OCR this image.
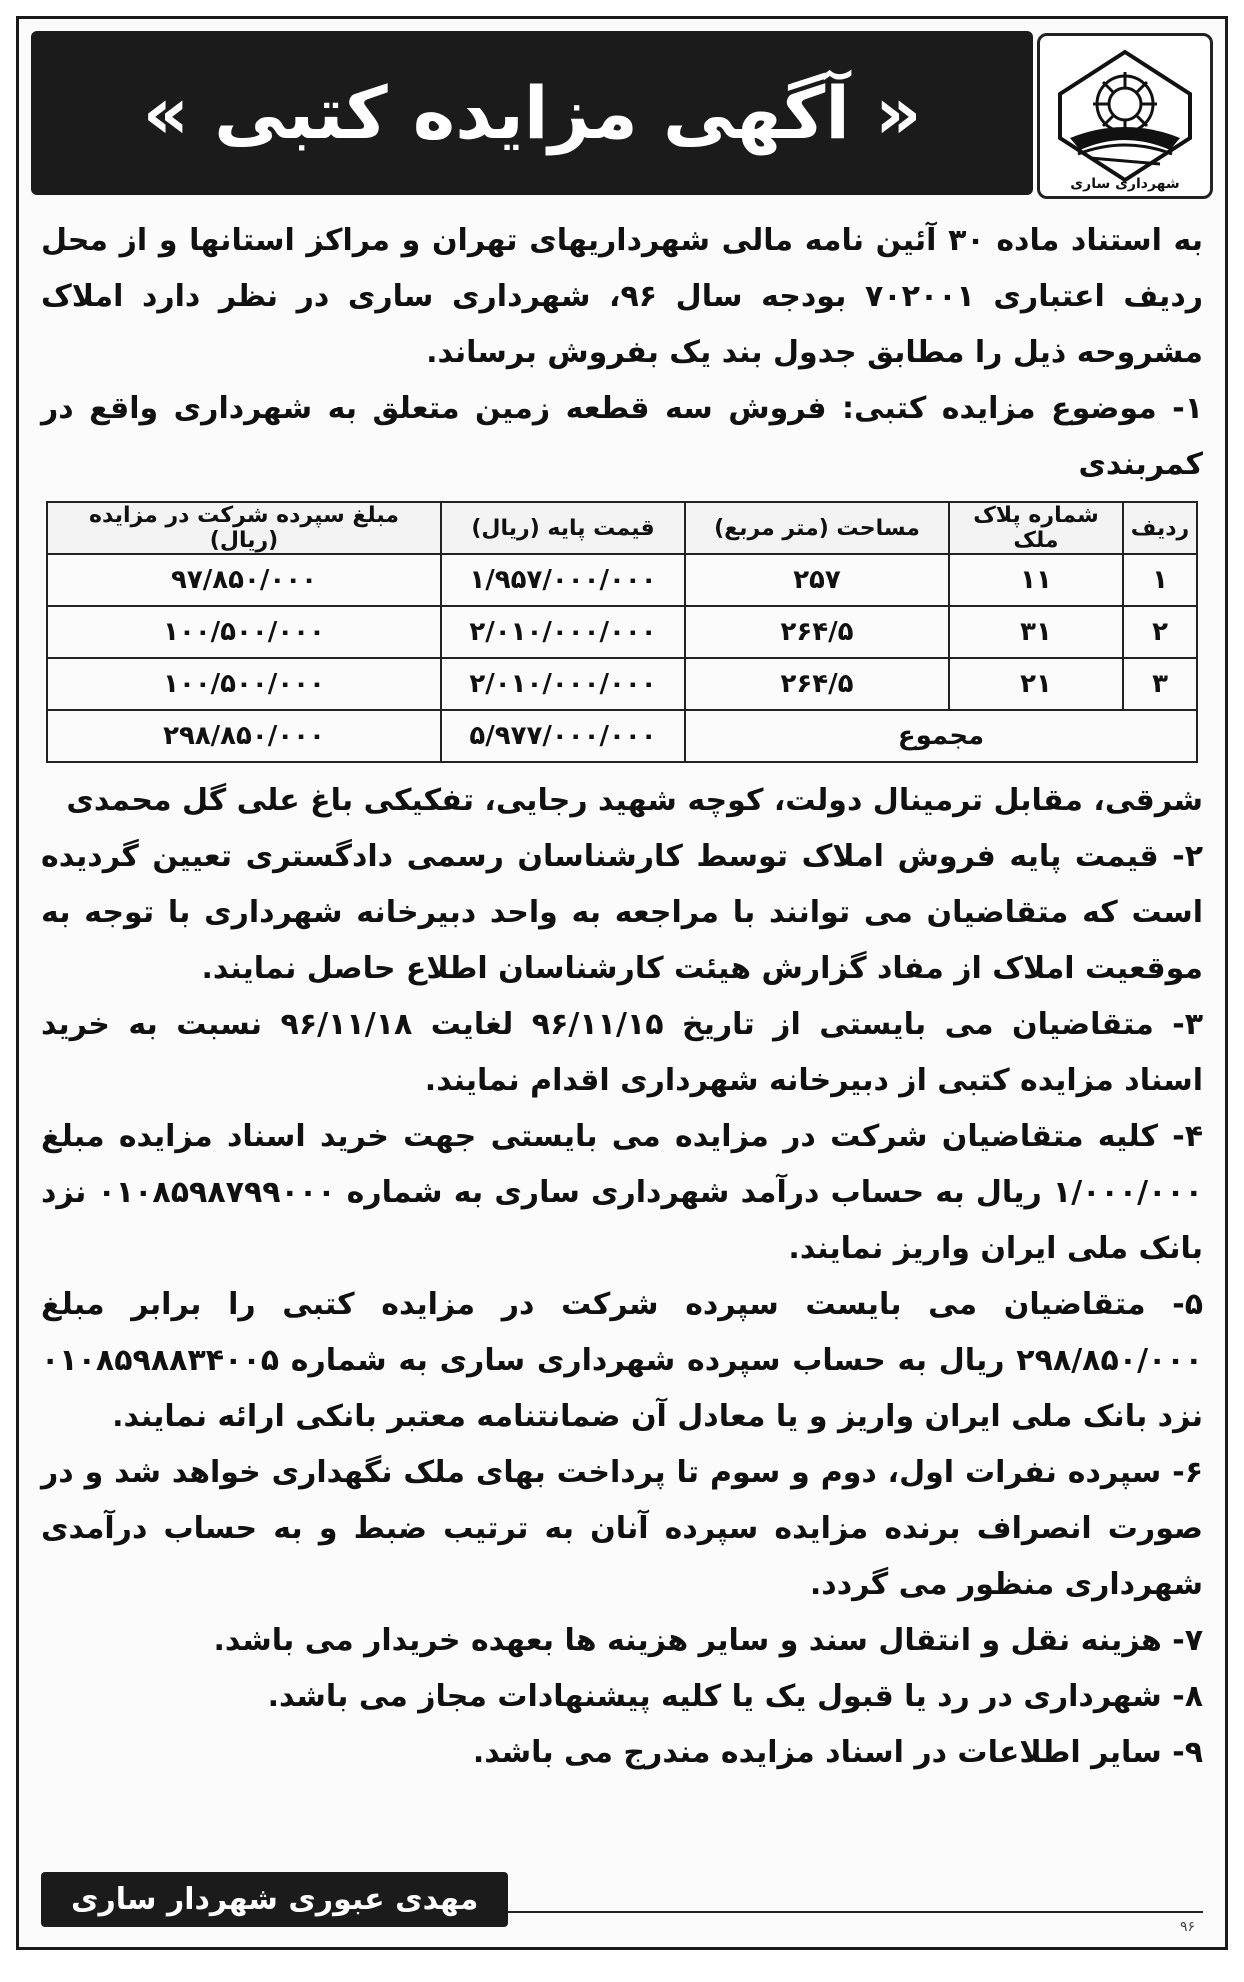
شهرداری ساری
« آگهی مزایده کتبی »

به استناد ماده ۳۰ آئین نامه مالی شهرداریهای تهران و مراکز استانها و از محل ردیف اعتباری ۷۰۲۰۰۱ بودجه سال ۹۶، شهرداری ساری در نظر دارد املاک مشروحه ذیل را مطابق جدول بند یک بفروش برساند.

۱- موضوع مزایده کتبی: فروش سه قطعه زمین متعلق به شهرداری واقع در کمربندی

ردیف	شماره پلاک ملک	مساحت (متر مربع)	قیمت پایه (ریال)	مبلغ سپرده شرکت در مزایده (ریال)
۱	۱۱	۲۵۷	۱/۹۵۷/۰۰۰/۰۰۰	۹۷/۸۵۰/۰۰۰
۲	۳۱	۲۶۴/۵	۲/۰۱۰/۰۰۰/۰۰۰	۱۰۰/۵۰۰/۰۰۰
۳	۲۱	۲۶۴/۵	۲/۰۱۰/۰۰۰/۰۰۰	۱۰۰/۵۰۰/۰۰۰
مجموع			۵/۹۷۷/۰۰۰/۰۰۰	۲۹۸/۸۵۰/۰۰۰

شرقی، مقابل ترمینال دولت، کوچه شهید رجایی، تفکیکی باغ علی گل محمدی

۲- قیمت پایه فروش املاک توسط کارشناسان رسمی دادگستری تعیین گردیده است که متقاضیان می توانند با مراجعه به واحد دبیرخانه شهرداری با توجه به موقعیت املاک از مفاد گزارش هیئت کارشناسان اطلاع حاصل نمایند.

۳- متقاضیان می بایستی از تاریخ ۹۶/۱۱/۱۵ لغایت ۹۶/۱۱/۱۸ نسبت به خرید اسناد مزایده کتبی از دبیرخانه شهرداری اقدام نمایند.

۴- کلیه متقاضیان شرکت در مزایده می بایستی جهت خرید اسناد مزایده مبلغ ۱/۰۰۰/۰۰۰ ریال به حساب درآمد شهرداری ساری به شماره ۰۱۰۸۵۹۸۷۹۹۰۰۰ نزد بانک ملی ایران واریز نمایند.

۵- متقاضیان می بایست سپرده شرکت در مزایده کتبی را برابر مبلغ ۲۹۸/۸۵۰/۰۰۰ ریال به حساب سپرده شهرداری ساری به شماره ۰۱۰۸۵۹۸۸۳۴۰۰۵ نزد بانک ملی ایران واریز و یا معادل آن ضمانتنامه معتبر بانکی ارائه نمایند.

۶- سپرده نفرات اول، دوم و سوم تا پرداخت بهای ملک نگهداری خواهد شد و در صورت انصراف برنده مزایده سپرده آنان به ترتیب ضبط و به حساب درآمدی شهرداری منظور می گردد.

۷- هزینه نقل و انتقال سند و سایر هزینه ها بعهده خریدار می باشد.

۸- شهرداری در رد یا قبول یک یا کلیه پیشنهادات مجاز می باشد.

۹- سایر اطلاعات در اسناد مزایده مندرج می باشد.

مهدی عبوری شهردار ساری
۹۶
